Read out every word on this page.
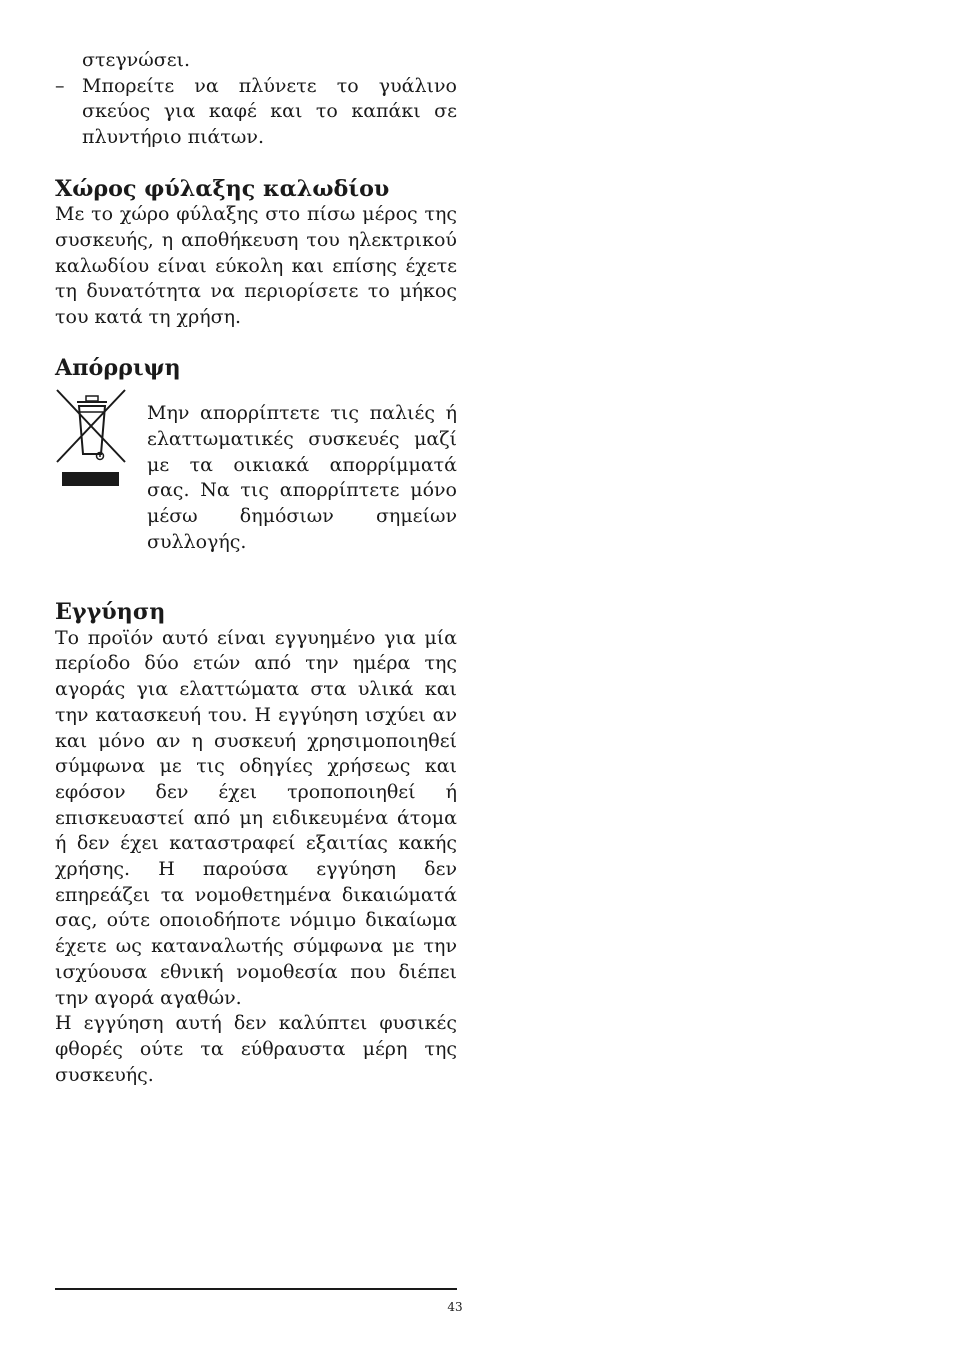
στεγνώσει.

– Μπορείτε να πλύνετε το γυάλινο σκεύος για καφέ και το καπάκι σε πλυντήριο πιάτων.
Χώρος φύλαξης καλωδίου

Με το χώρο φύλαξης στο πίσω μέρος της συσκευής, η αποθήκευση του ηλεκτρικού καλωδίου είναι εύκολη και επίσης έχετε τη δυνατότητα να περιορίσετε το μήκος του κατά τη χρήση.

Απόρριψη

Μην απορρίπτετε τις παλιές ή ελαττωματικές συσκευές μαζί με τα οικιακά απορρίμματά σας. Να τις απορρίπτετε μόνο μέσω δημόσιων σημείων συλλογής.

Εγγύηση

Το προϊόν αυτό είναι εγγυημένο για μία περίοδο δύο ετών από την ημέρα της αγοράς για ελαττώματα στα υλικά και την κατασκευή του. Η εγγύηση ισχύει αν και μόνο αν η συσκευή χρησιμοποιηθεί σύμφωνα με τις οδηγίες χρήσεως και εφόσον δεν έχει τροποποιηθεί ή επισκευαστεί από μη ειδικευμένα άτομα ή δεν έχει καταστραφεί εξαιτίας κακής χρήσης. Η παρούσα εγγύηση δεν επηρεάζει τα νομοθετημένα δικαιώματά σας, ούτε οποιοδήποτε νόμιμο δικαίωμα έχετε ως καταναλωτής σύμφωνα με την ισχύουσα εθνική νομοθεσία που διέπει την αγορά αγαθών.

Η εγγύηση αυτή δεν καλύπτει φυσικές φθορές ούτε τα εύθραυστα μέρη της συσκευής.

43
